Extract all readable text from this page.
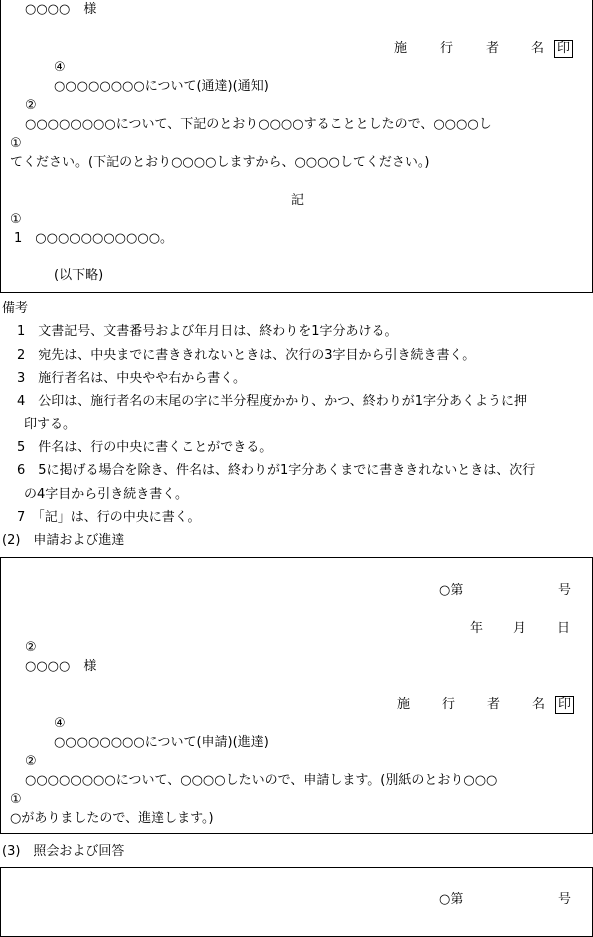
○○○○　様
施	行	者 名 印
④
○○○○○○○○について(通達)(通知)
②
○○○○○○○○について、下記のとおり○○○○することとしたので、○○○○し
①
てください。(下記のとおり○○○○しますから、○○○○してください。)
記
①
1　○○○○○○○○○○○。
(以下略)
備考
1　文書記号、文書番号および年月日は、終わりを1字分あける。
2　宛先は、中央までに書ききれないときは、次行の3字目から引き続き書く。
3　施行者名は、中央やや右から書く。
4　公印は、施行者名の末尾の字に半分程度かかり、かつ、終わりが1字分あくように押
印する。
5　件名は、行の中央に書くことができる。
6　5に掲げる場合を除き、件名は、終わりが1字分あくまでに書ききれないときは、次行
の4字目から引き続き書く。
7　「記」は、行の中央に書く。
(2)　申請および進達
○第	号
年 月 日
②
○○○○　様
施 行 者 名 印
④
○○○○○○○○について(申請)(進達)
②
○○○○○○○○について、○○○○したいので、申請します。(別紙のとおり○○○
①
○がありましたので、進達します。)
(3)　照会および回答
○第	号
